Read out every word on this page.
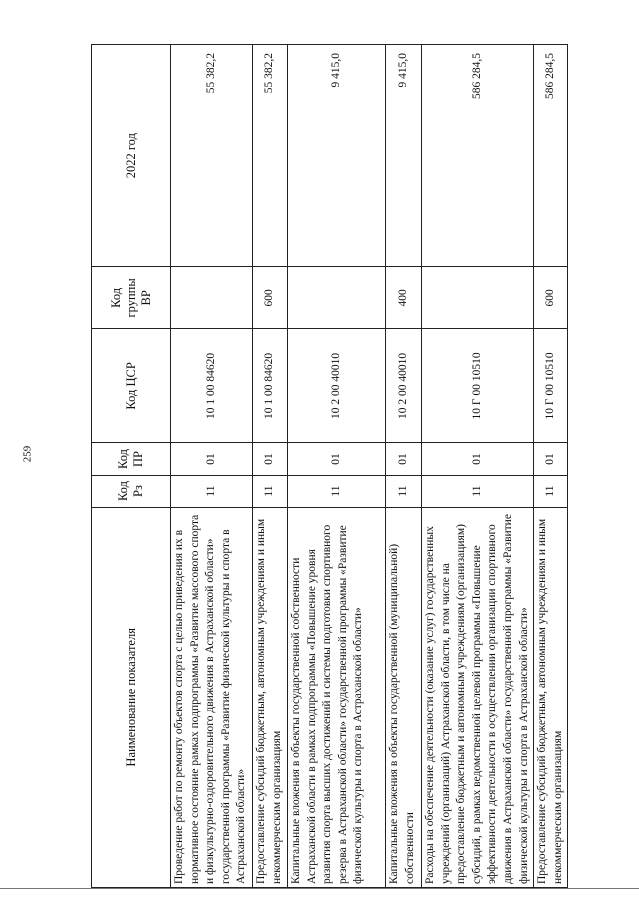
259
Наименование показателя	Код Рз	Код ПР	Код ЦСР	Код группы ВР	2022 год
Проведение работ по ремонту объектов спорта с целью приведения их в нормативное состояние рамках подпрограммы «Развитие массового спорта и физкультурно-оздоровительного движения в Астраханской области» государственной программы «Развитие физической культуры и спорта в Астраханской области»	11	01	10 1 00 84620		55 382,2
Предоставление субсидий бюджетным, автономным учреждениям и иным некоммерческим организациям	11	01	10 1 00 84620	600	55 382,2
Капитальные вложения в объекты государственной собственности Астраханской области в рамках подпрограммы «Повышение уровня развития спорта высших достижений и системы подготовки спортивного резерва в Астраханской области» государственной программы «Развитие физической культуры и спорта в Астраханской области»	11	01	10 2 00 40010		9 415,0
Капитальные вложения в объекты государственной (муниципальной) собственности	11	01	10 2 00 40010	400	9 415,0
Расходы на обеспечение деятельности (оказание услуг) государственных учреждений (организаций) Астраханской области, в том числе на предоставление бюджетным и автономным учреждениям (организациям) субсидий, в рамках ведомственной целевой программы «Повышение эффективности деятельности в осуществлении организации спортивного движения в Астраханской области» государственной программы «Развитие физической культуры и спорта в Астраханской области»	11	01	10 Г 00 10510		586 284,5
Предоставление субсидий бюджетным, автономным учреждениям и иным некоммерческим организациям	11	01	10 Г 00 10510	600	586 284,5
